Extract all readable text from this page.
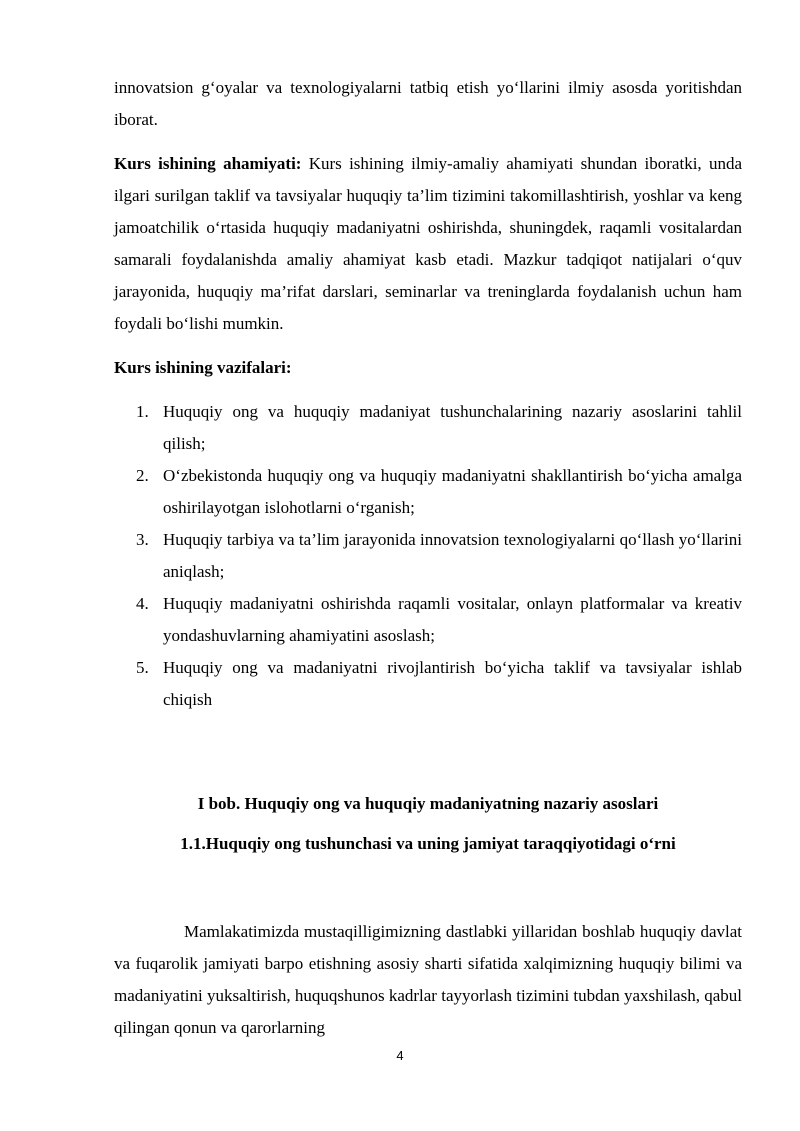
innovatsion g‘oyalar va texnologiyalarni tatbiq etish yo‘llarini ilmiy asosda yoritishdan iborat.

Kurs ishining ahamiyati: Kurs ishining ilmiy-amaliy ahamiyati shundan iboratki, unda ilgari surilgan taklif va tavsiyalar huquqiy ta’lim tizimini takomillashtirish, yoshlar va keng jamoatchilik o‘rtasida huquqiy madaniyatni oshirishda, shuningdek, raqamli vositalardan samarali foydalanishda amaliy ahamiyat kasb etadi. Mazkur tadqiqot natijalari o‘quv jarayonida, huquqiy ma’rifat darslari, seminarlar va treninglarda foydalanish uchun ham foydali bo‘lishi mumkin.

Kurs ishining vazifalari:

1. Huquqiy ong va huquqiy madaniyat tushunchalarining nazariy asoslarini tahlil qilish;
2. O‘zbekistonda huquqiy ong va huquqiy madaniyatni shakllantirish bo‘yicha amalga oshirilayotgan islohotlarni o‘rganish;
3. Huquqiy tarbiya va ta’lim jarayonida innovatsion texnologiyalarni qo‘llash yo‘llarini aniqlash;
4. Huquqiy madaniyatni oshirishda raqamli vositalar, onlayn platformalar va kreativ yondashuvlarning ahamiyatini asoslash;
5. Huquqiy ong va madaniyatni rivojlantirish bo‘yicha taklif va tavsiyalar ishlab chiqish

I bob. Huquqiy ong va huquqiy madaniyatning nazariy asoslari

1.1.Huquqiy ong tushunchasi va uning jamiyat taraqqiyotidagi o‘rni

Mamlakatimizda mustaqilligimizning dastlabki yillaridan boshlab huquqiy davlat va fuqarolik jamiyati barpo etishning asosiy sharti sifatida xalqimizning huquqiy bilimi va madaniyatini yuksaltirish, huquqshunos kadrlar tayyorlash tizimini tubdan yaxshilash, qabul qilingan qonun va qarorlarning

4
